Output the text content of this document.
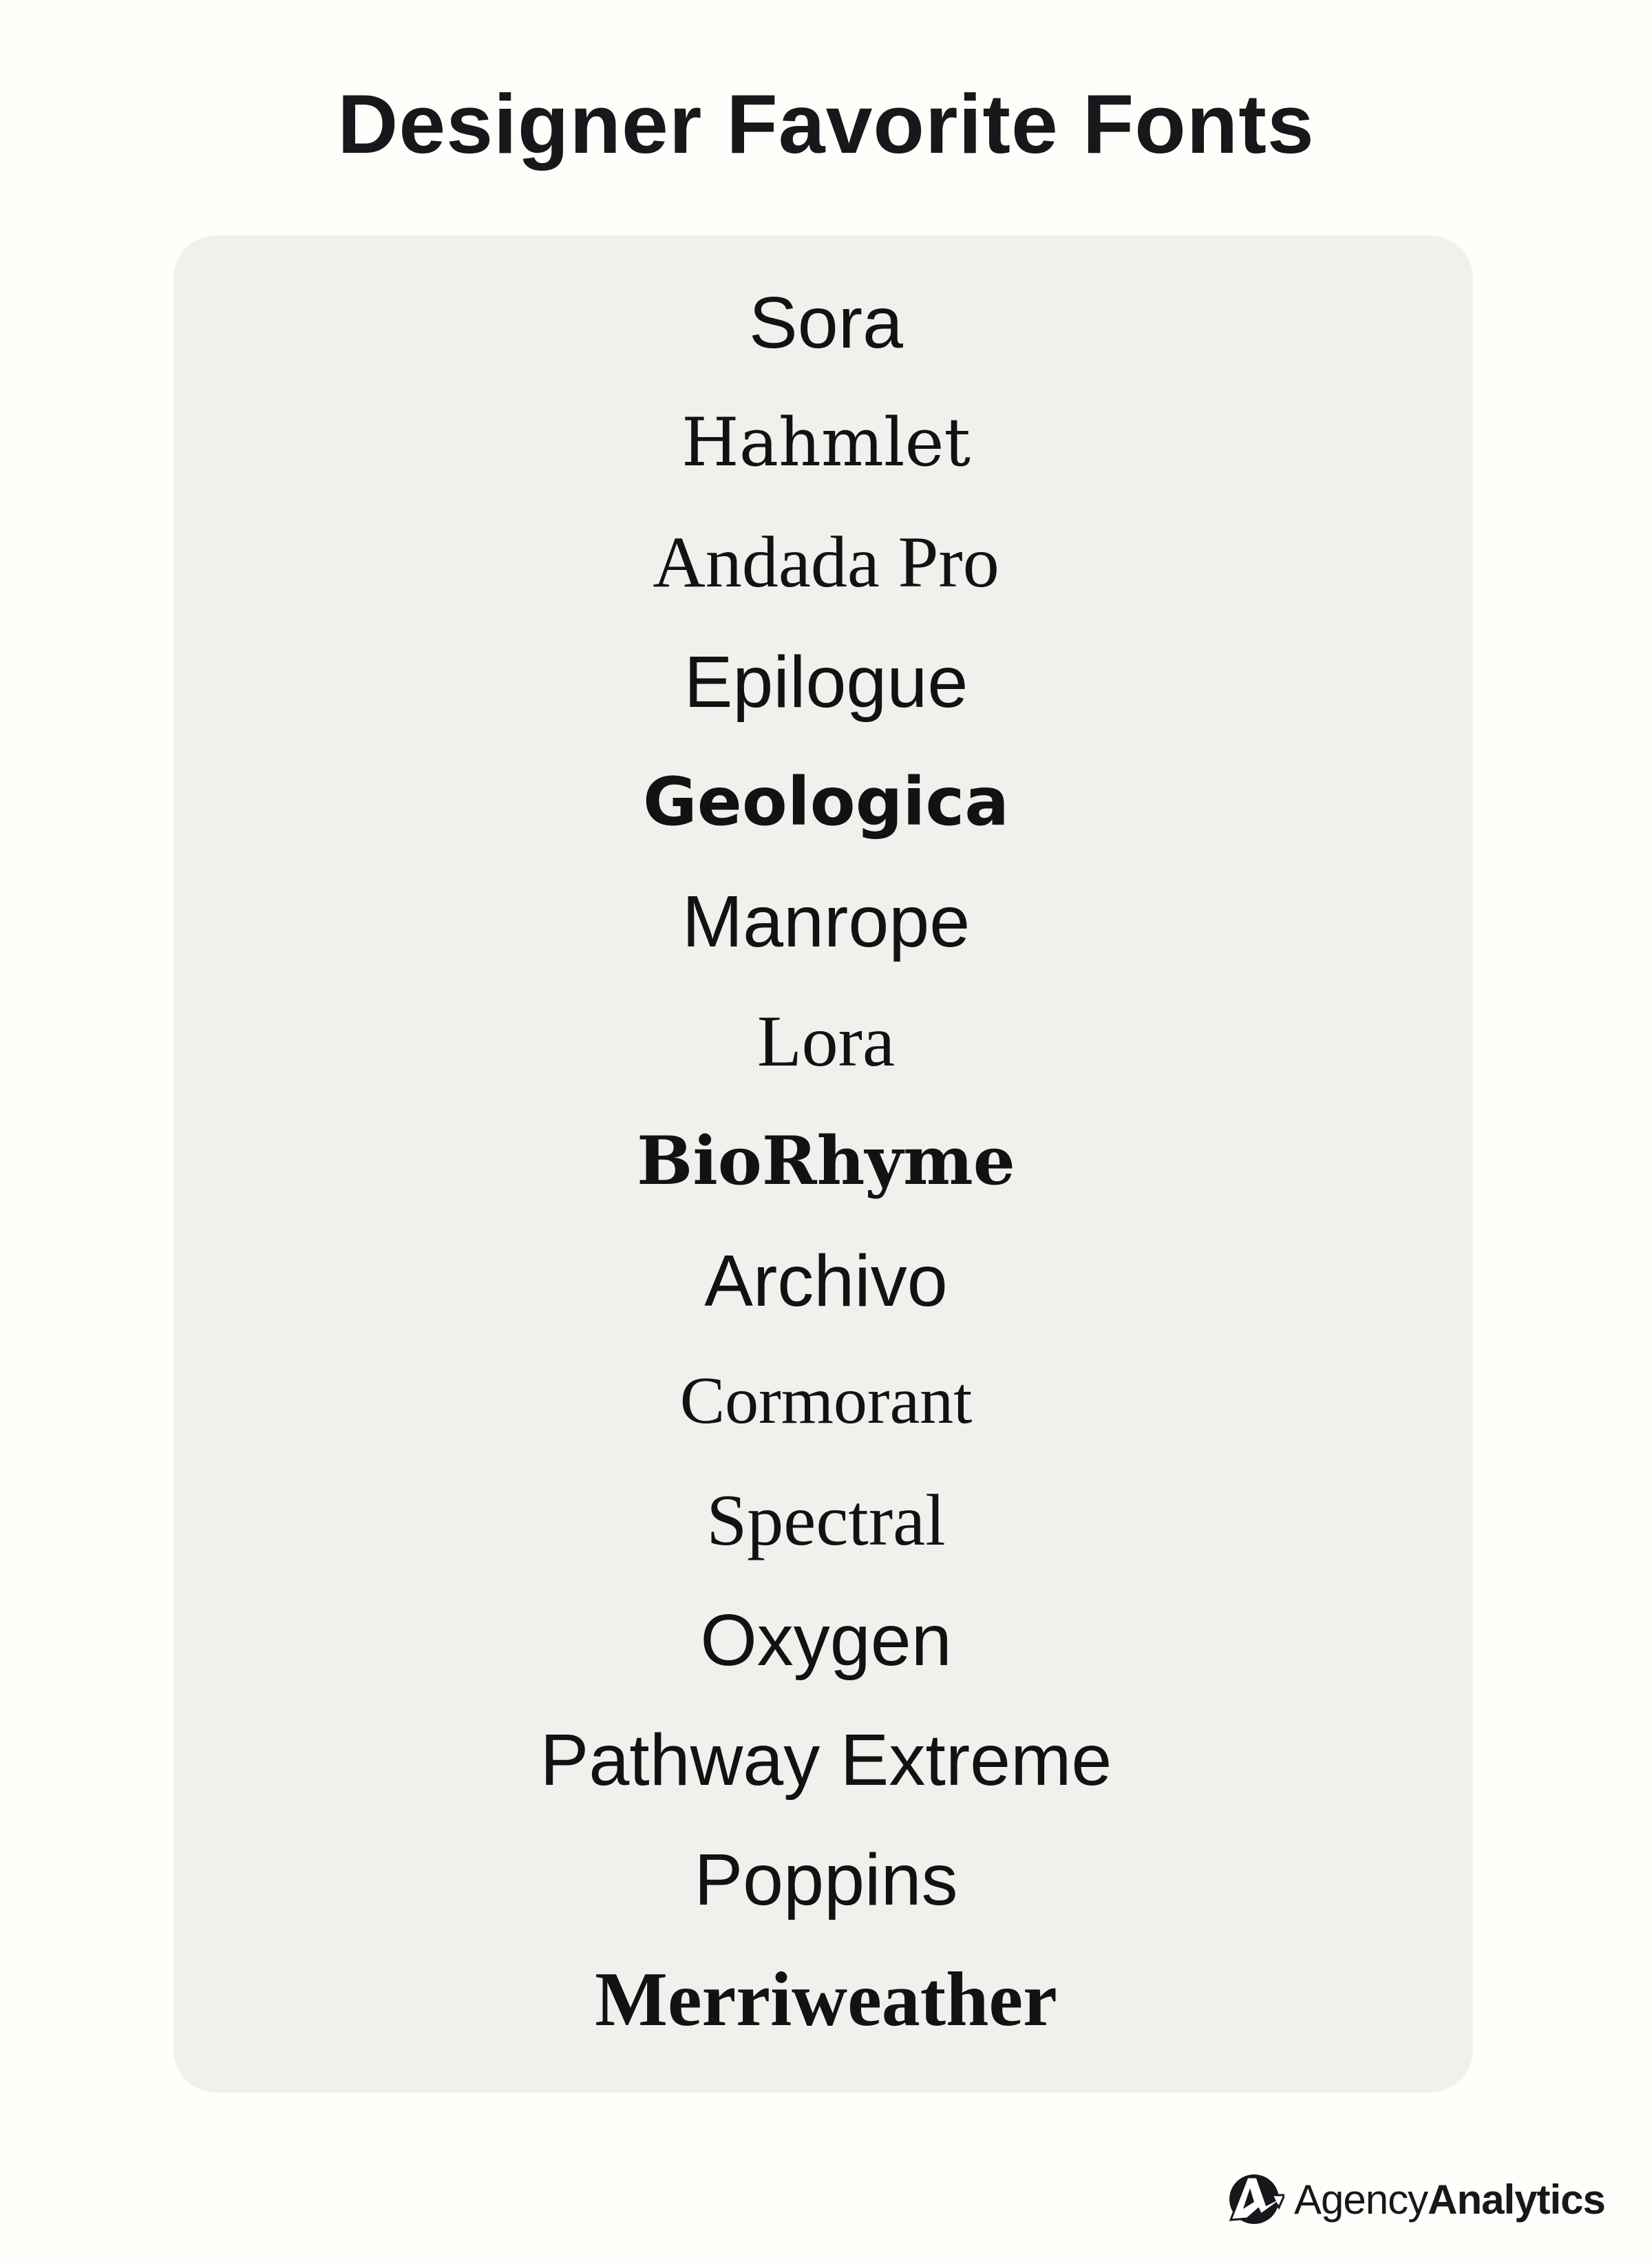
Designer Favorite Fonts
Sora
Hahmlet
Andada Pro
Epilogue
Geologica
Manrope
Lora
BioRhyme
Archivo
Cormorant
Spectral
Oxygen
Pathway Extreme
Poppins
Merriweather
AgencyAnalytics
